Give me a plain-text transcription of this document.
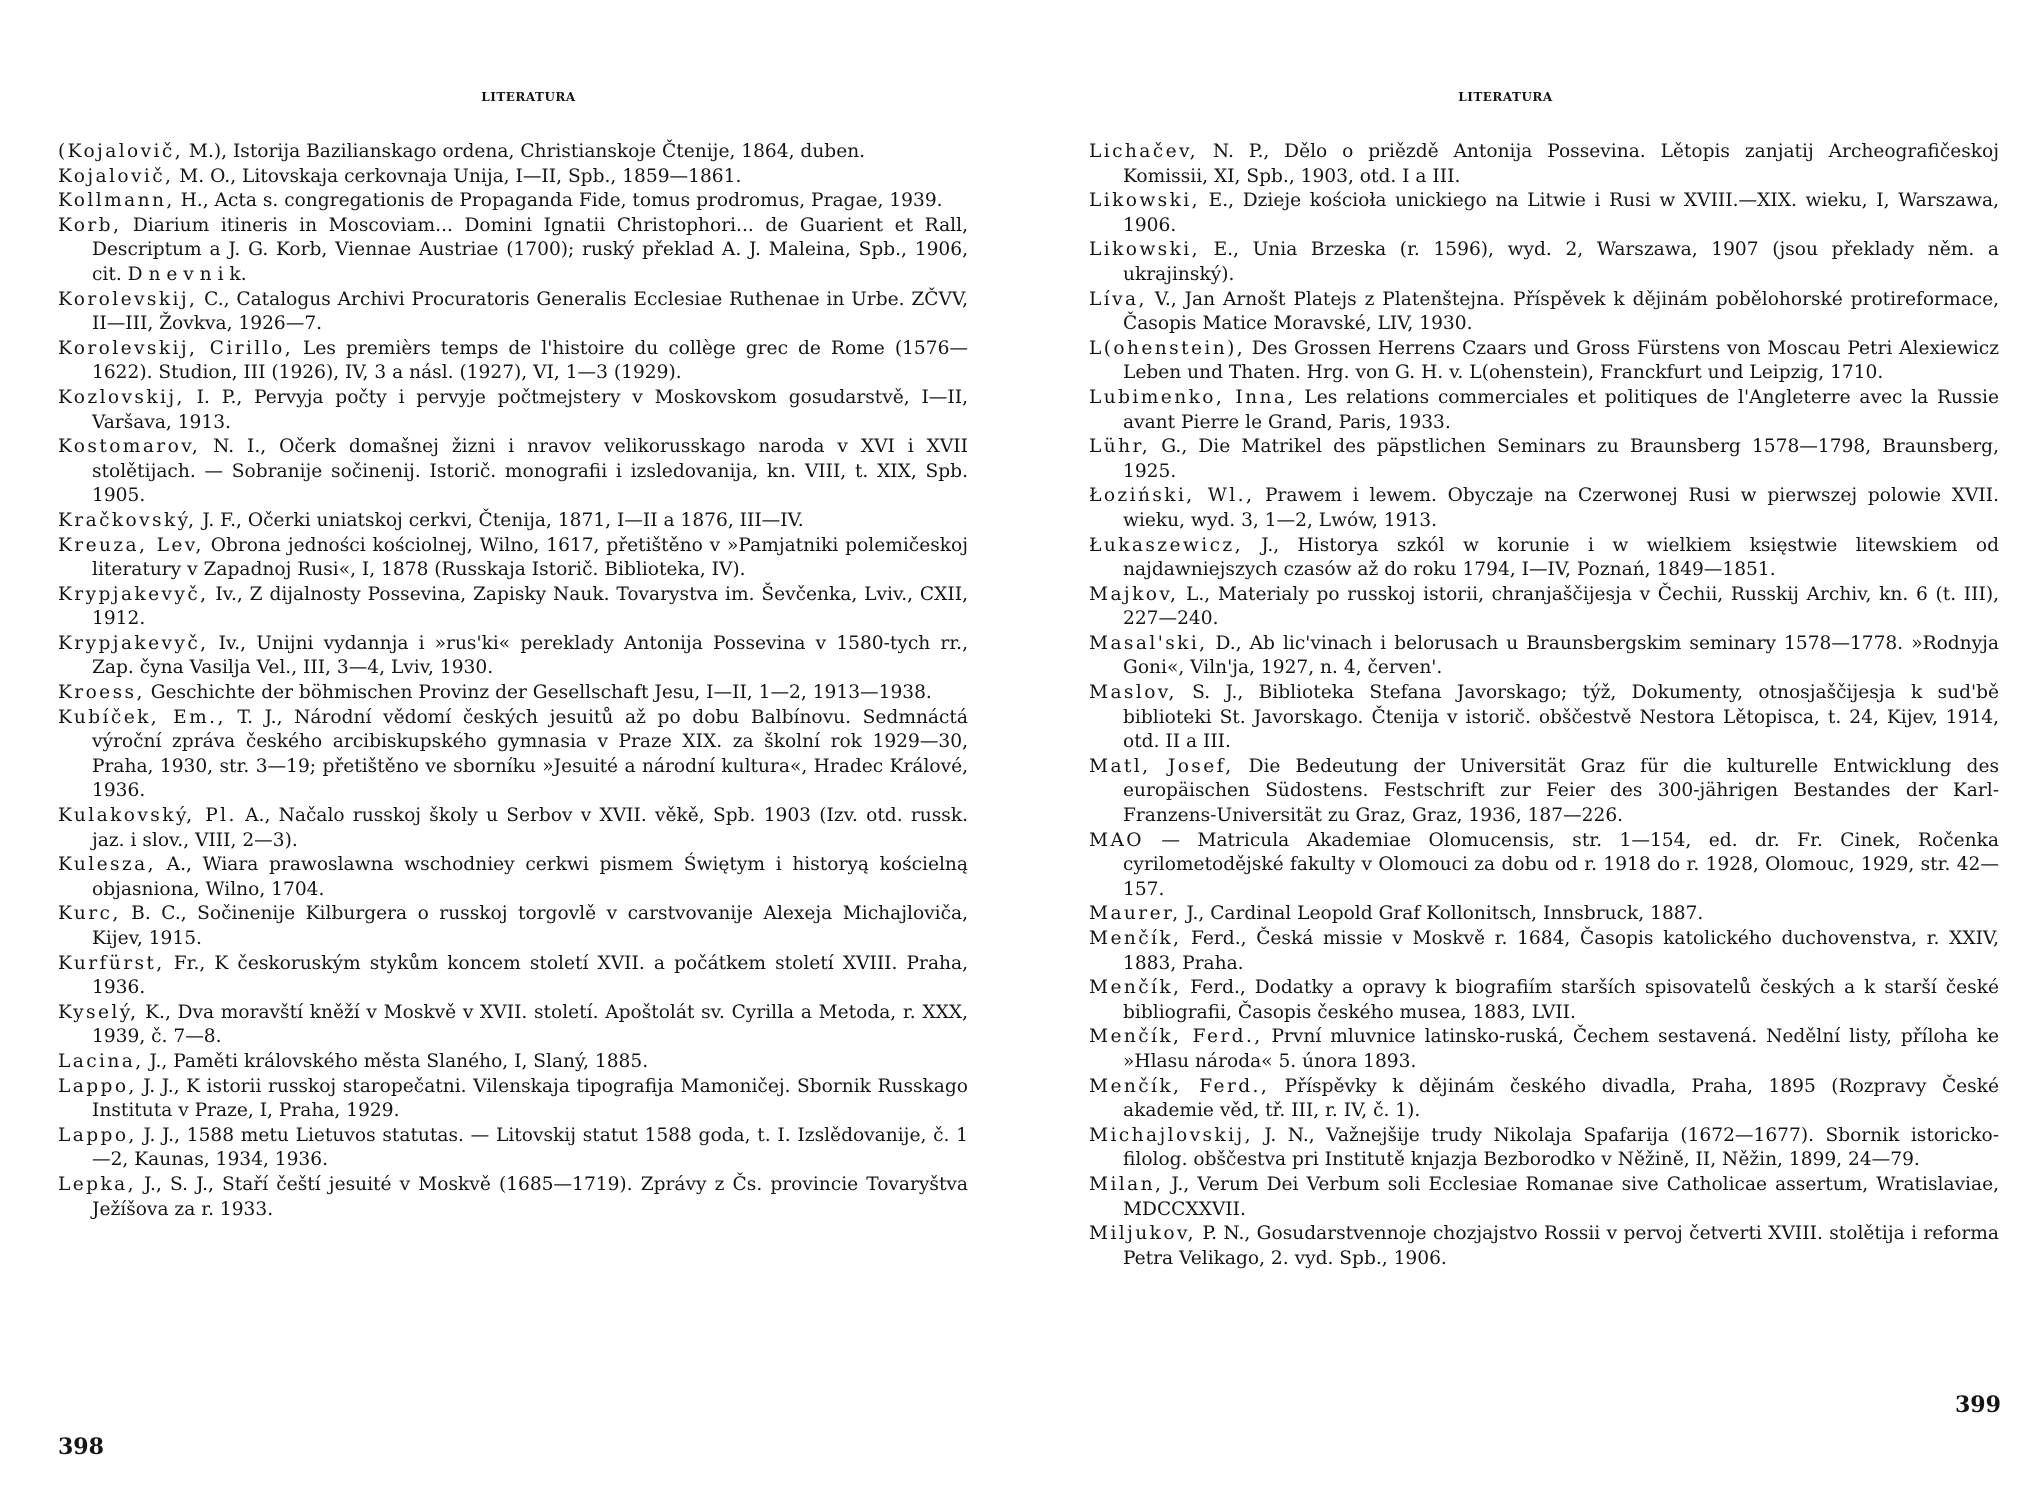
LITERATURA
(Kojalovič, M.), Istorija Bazilianskago ordena, Christianskoje Čtenije, 1864, duben.
Kojalovič, M. O., Litovskaja cerkovnaja Unija, I—II, Spb., 1859—1861.
Kollmann, H., Acta s. congregationis de Propaganda Fide, tomus prodromus, Pragae, 1939.
Korb, Diarium itineris in Moscoviam... Domini Ignatii Christophori... de Guarient et Rall, Descriptum a J. G. Korb, Viennae Austriae (1700); ruský překlad A. J. Maleina, Spb., 1906, cit. D n e v n i k.
Korolevskij, C., Catalogus Archivi Procuratoris Generalis Ecclesiae Ruthenae in Urbe. ZČVV, II—III, Žovkva, 1926—7.
Korolevskij, Cirillo, Les premièrs temps de l'histoire du collège grec de Rome (1576—1622). Studion, III (1926), IV, 3 a násl. (1927), VI, 1—3 (1929).
Kozlovskij, I. P., Pervyja počty i pervyje počtmejstery v Moskovskom gosudarstvě, I—II, Varšava, 1913.
Kostomarov, N. I., Očerk domašnej žizni i nravov velikorusskago naroda v XVI i XVII stolětijach. — Sobranije sočinenij. Istorič. monografii i izsledovanija, kn. VIII, t. XIX, Spb. 1905.
Kračkovský, J. F., Očerki uniatskoj cerkvi, Čtenija, 1871, I—II a 1876, III—IV.
Kreuza, Lev, Obrona jedności kościolnej, Wilno, 1617, přetištěno v »Pamjatniki polemičeskoj literatury v Zapadnoj Rusi«, I, 1878 (Russkaja Istorič. Biblioteka, IV).
Krypjakevyč, Iv., Z dijalnosty Possevina, Zapisky Nauk. Tovarystva im. Ševčenka, Lviv., CXII, 1912.
Krypjakevyč, Iv., Unijni vydannja i »rus'ki« pereklady Antonija Possevina v 1580-tych rr., Zap. čyna Vasilja Vel., III, 3—4, Lviv, 1930.
Kroess, Geschichte der böhmischen Provinz der Gesellschaft Jesu, I—II, 1—2, 1913—1938.
Kubíček, Em., T. J., Národní vědomí českých jesuitů až po dobu Balbínovu. Sedmnáctá výroční zpráva českého arcibiskupského gymnasia v Praze XIX. za školní rok 1929—30, Praha, 1930, str. 3—19; přetištěno ve sborníku »Jesuité a národní kultura«, Hradec Králové, 1936.
Kulakovský, Pl. A., Načalo russkoj školy u Serbov v XVII. věkě, Spb. 1903 (Izv. otd. russk. jaz. i slov., VIII, 2—3).
Kulesza, A., Wiara prawoslawna wschodniey cerkwi pismem Świętym i historyą kościelną objasniona, Wilno, 1704.
Kurc, B. C., Sočinenije Kilburgera o russkoj torgovlě v carstvovanije Alexeja Michajloviča, Kijev, 1915.
Kurfürst, Fr., K českoruským stykům koncem století XVII. a počátkem století XVIII. Praha, 1936.
Kyselý, K., Dva moravští kněží v Moskvě v XVII. století. Apoštolát sv. Cyrilla a Metoda, r. XXX, 1939, č. 7—8.
Lacina, J., Paměti královského města Slaného, I, Slaný, 1885.
Lappo, J. J., K istorii russkoj staropečatni. Vilenskaja tipografija Mamoničej. Sbornik Russkago Instituta v Praze, I, Praha, 1929.
Lappo, J. J., 1588 metu Lietuvos statutas. — Litovskij statut 1588 goda, t. I. Izslědovanije, č. 1—2, Kaunas, 1934, 1936.
Lepka, J., S. J., Staří čeští jesuité v Moskvě (1685—1719). Zprávy z Čs. provincie Tovaryštva Ježíšova za r. 1933.
398
LITERATURA
Lichačev, N. P., Dělo o priězdě Antonija Possevina. Lětopis zanjatij Archeografičeskoj Komissii, XI, Spb., 1903, otd. I a III.
Likowski, E., Dzieje kościoła unickiego na Litwie i Rusi w XVIII.—XIX. wieku, I, Warszawa, 1906.
Likowski, E., Unia Brzeska (r. 1596), wyd. 2, Warszawa, 1907 (jsou překlady něm. a ukrajinský).
Líva, V., Jan Arnošt Platejs z Platenštejna. Příspěvek k dějinám pobělohorské protireformace, Časopis Matice Moravské, LIV, 1930.
L(ohenstein), Des Grossen Herrens Czaars und Gross Fürstens von Moscau Petri Alexiewicz Leben und Thaten. Hrg. von G. H. v. L(ohenstein), Franckfurt und Leipzig, 1710.
Lubimenko, Inna, Les relations commerciales et politiques de l'Angleterre avec la Russie avant Pierre le Grand, Paris, 1933.
Lühr, G., Die Matrikel des päpstlichen Seminars zu Braunsberg 1578—1798, Braunsberg, 1925.
Łoziński, Wl., Prawem i lewem. Obyczaje na Czerwonej Rusi w pierwszej polowie XVII. wieku, wyd. 3, 1—2, Lwów, 1913.
Łukaszewicz, J., Historya szkól w korunie i w wielkiem księstwie litewskiem od najdawniejszych czasów až do roku 1794, I—IV, Poznań, 1849—1851.
Majkov, L., Materialy po russkoj istorii, chranjaščijesja v Čechii, Russkij Archiv, kn. 6 (t. III), 227—240.
Masal'ski, D., Ab lic'vinach i belorusach u Braunsbergskim seminary 1578—1778. »Rodnyja Goni«, Viln'ja, 1927, n. 4, červen'.
Maslov, S. J., Biblioteka Stefana Javorskago; týž, Dokumenty, otnosjaščijesja k sud'bě biblioteki St. Javorskago. Čtenija v istorič. obščestvě Nestora Lětopisca, t. 24, Kijev, 1914, otd. II a III.
Matl, Josef, Die Bedeutung der Universität Graz für die kulturelle Entwicklung des europäischen Südostens. Festschrift zur Feier des 300-jährigen Bestandes der Karl-Franzens-Universität zu Graz, Graz, 1936, 187—226.
MAO — Matricula Akademiae Olomucensis, str. 1—154, ed. dr. Fr. Cinek, Ročenka cyrilometodějské fakulty v Olomouci za dobu od r. 1918 do r. 1928, Olomouc, 1929, str. 42—157.
Maurer, J., Cardinal Leopold Graf Kollonitsch, Innsbruck, 1887.
Menčík, Ferd., Česká missie v Moskvě r. 1684, Časopis katolického duchovenstva, r. XXIV, 1883, Praha.
Menčík, Ferd., Dodatky a opravy k biografiím starších spisovatelů českých a k starší české bibliografii, Časopis českého musea, 1883, LVII.
Menčík, Ferd., První mluvnice latinsko-ruská, Čechem sestavená. Nedělní listy, příloha ke »Hlasu národa« 5. února 1893.
Menčík, Ferd., Příspěvky k dějinám českého divadla, Praha, 1895 (Rozpravy České akademie věd, tř. III, r. IV, č. 1).
Michajlovskij, J. N., Važnejšije trudy Nikolaja Spafarija (1672—1677). Sbornik istoricko-filolog. obščestva pri Institutě knjazja Bezborodko v Něžině, II, Něžin, 1899, 24—79.
Milan, J., Verum Dei Verbum soli Ecclesiae Romanae sive Catholicae assertum, Wratislaviae, MDCCXXVII.
Miljukov, P. N., Gosudarstvennoje chozjajstvo Rossii v pervoj četverti XVIII. stolětija i reforma Petra Velikago, 2. vyd. Spb., 1906.
399
